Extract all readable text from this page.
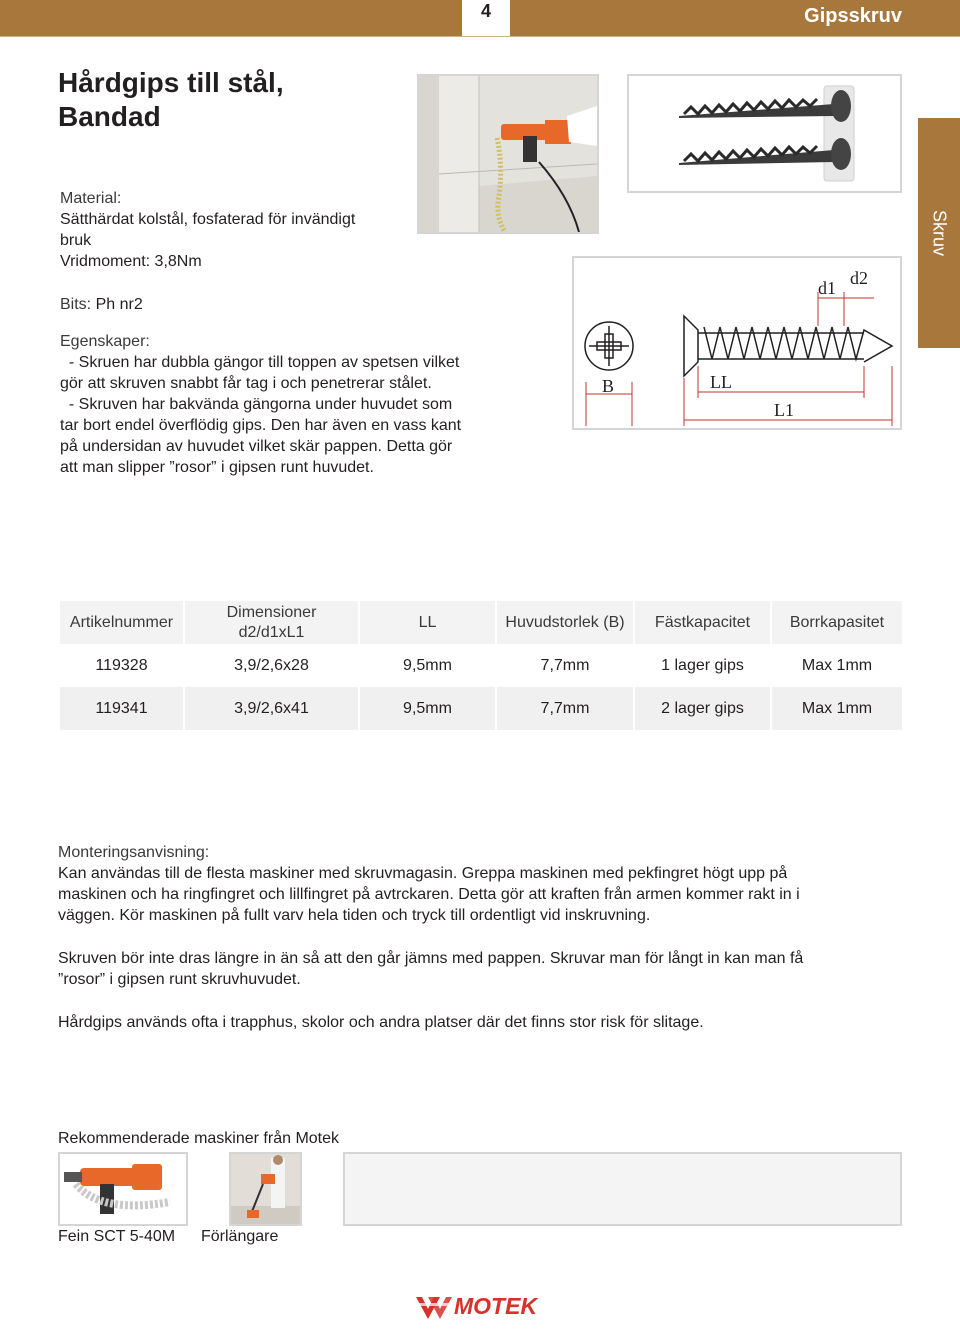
4	Gipsskruv
Skruv
Hårdgips till stål,
Bandad

Material:

Sätthärdat kolstål, fosfaterad för invändigt

bruk

Vridmoment: 3,8Nm

Bits: Ph nr2

Egenskaper:

- Skruen har dubbla gängor till toppen av spetsen vilket

gör att skruven snabbt får tag i och penetrerar stålet.

- Skruven har bakvända gängorna under huvudet som

tar bort endel överflödig gips. Den har även en vass kant

på undersidan av huvudet vilket skär pappen. Detta gör

att man slipper ”rosor” i gipsen runt huvudet.

d1 d2
B	LL
L1
Artikelnummer	Dimensioner
d2/d1xL1	LL	Huvudstorlek (B)	Fästkapacitet	Borrkapasitet
119328	3,9/2,6x28	9,5mm	7,7mm	1 lager gips	Max 1mm
119341	3,9/2,6x41	9,5mm	7,7mm	2 lager gips	Max 1mm

Monteringsanvisning:

Kan användas till de flesta maskiner med skruvmagasin. Greppa maskinen med pekfingret högt upp på

maskinen och ha ringfingret och lillfingret på avtrckaren. Detta gör att kraften från armen kommer rakt in i

väggen. Kör maskinen på fullt varv hela tiden och tryck till ordentligt vid inskruvning.

Skruven bör inte dras längre in än så att den går jämns med pappen. Skruvar man för långt in kan man få

”rosor” i gipsen runt skruvhuvudet.

Hårdgips används ofta i trapphus, skolor och andra platser där det finns stor risk för slitage.

Rekommenderade maskiner från Motek
Fein SCT 5-40M Förlängare
MOTEK
